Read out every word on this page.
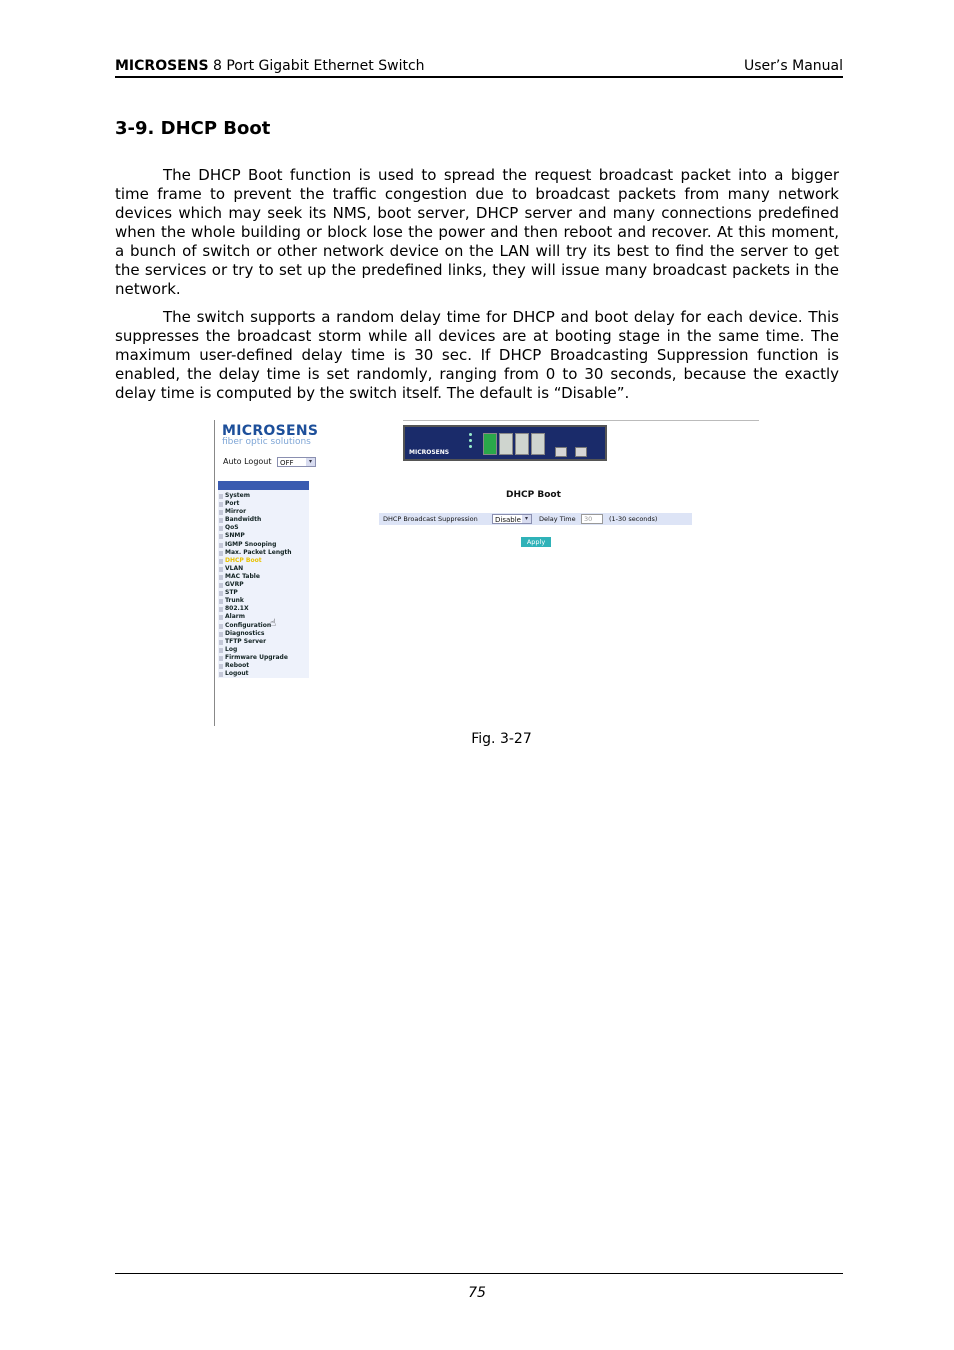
MICROSENS 8 Port Gigabit Ethernet Switch	User’s Manual
3-9. DHCP Boot

The DHCP Boot function is used to spread the request broadcast packet into a bigger time frame to prevent the traffic congestion due to broadcast packets from many network devices which may seek its NMS, boot server, DHCP server and many connections predefined when the whole building or block lose the power and then reboot and recover. At this moment, a bunch of switch or other network device on the LAN will try its best to find the server to get the services or try to set up the predefined links, they will issue many broadcast packets in the network.

The switch supports a random delay time for DHCP and boot delay for each device. This suppresses the broadcast storm while all devices are at booting stage in the same time. The maximum user-defined delay time is 30 sec. If DHCP Broadcasting Suppression function is enabled, the delay time is set randomly, ranging from 0 to 30 seconds, because the exactly delay time is computed by the switch itself. The default is “Disable”.

MICROSENS
fiber optic solutions
Auto Logout	OFF	▾
MICROSENS
System
Port
Mirror
Bandwidth
QoS
SNMP
IGMP Snooping
Max. Packet Length
DHCP Boot
VLAN
MAC Table
GVRP
STP
Trunk
802.1X
Alarm
Configuration
Diagnostics
TFTP Server
Log
Firmware Upgrade
Reboot
Logout
☝
DHCP Boot
DHCP Broadcast Suppression	Disable ▾	Delay Time	30	(1-30 seconds)
Apply
Fig. 3-27
75
